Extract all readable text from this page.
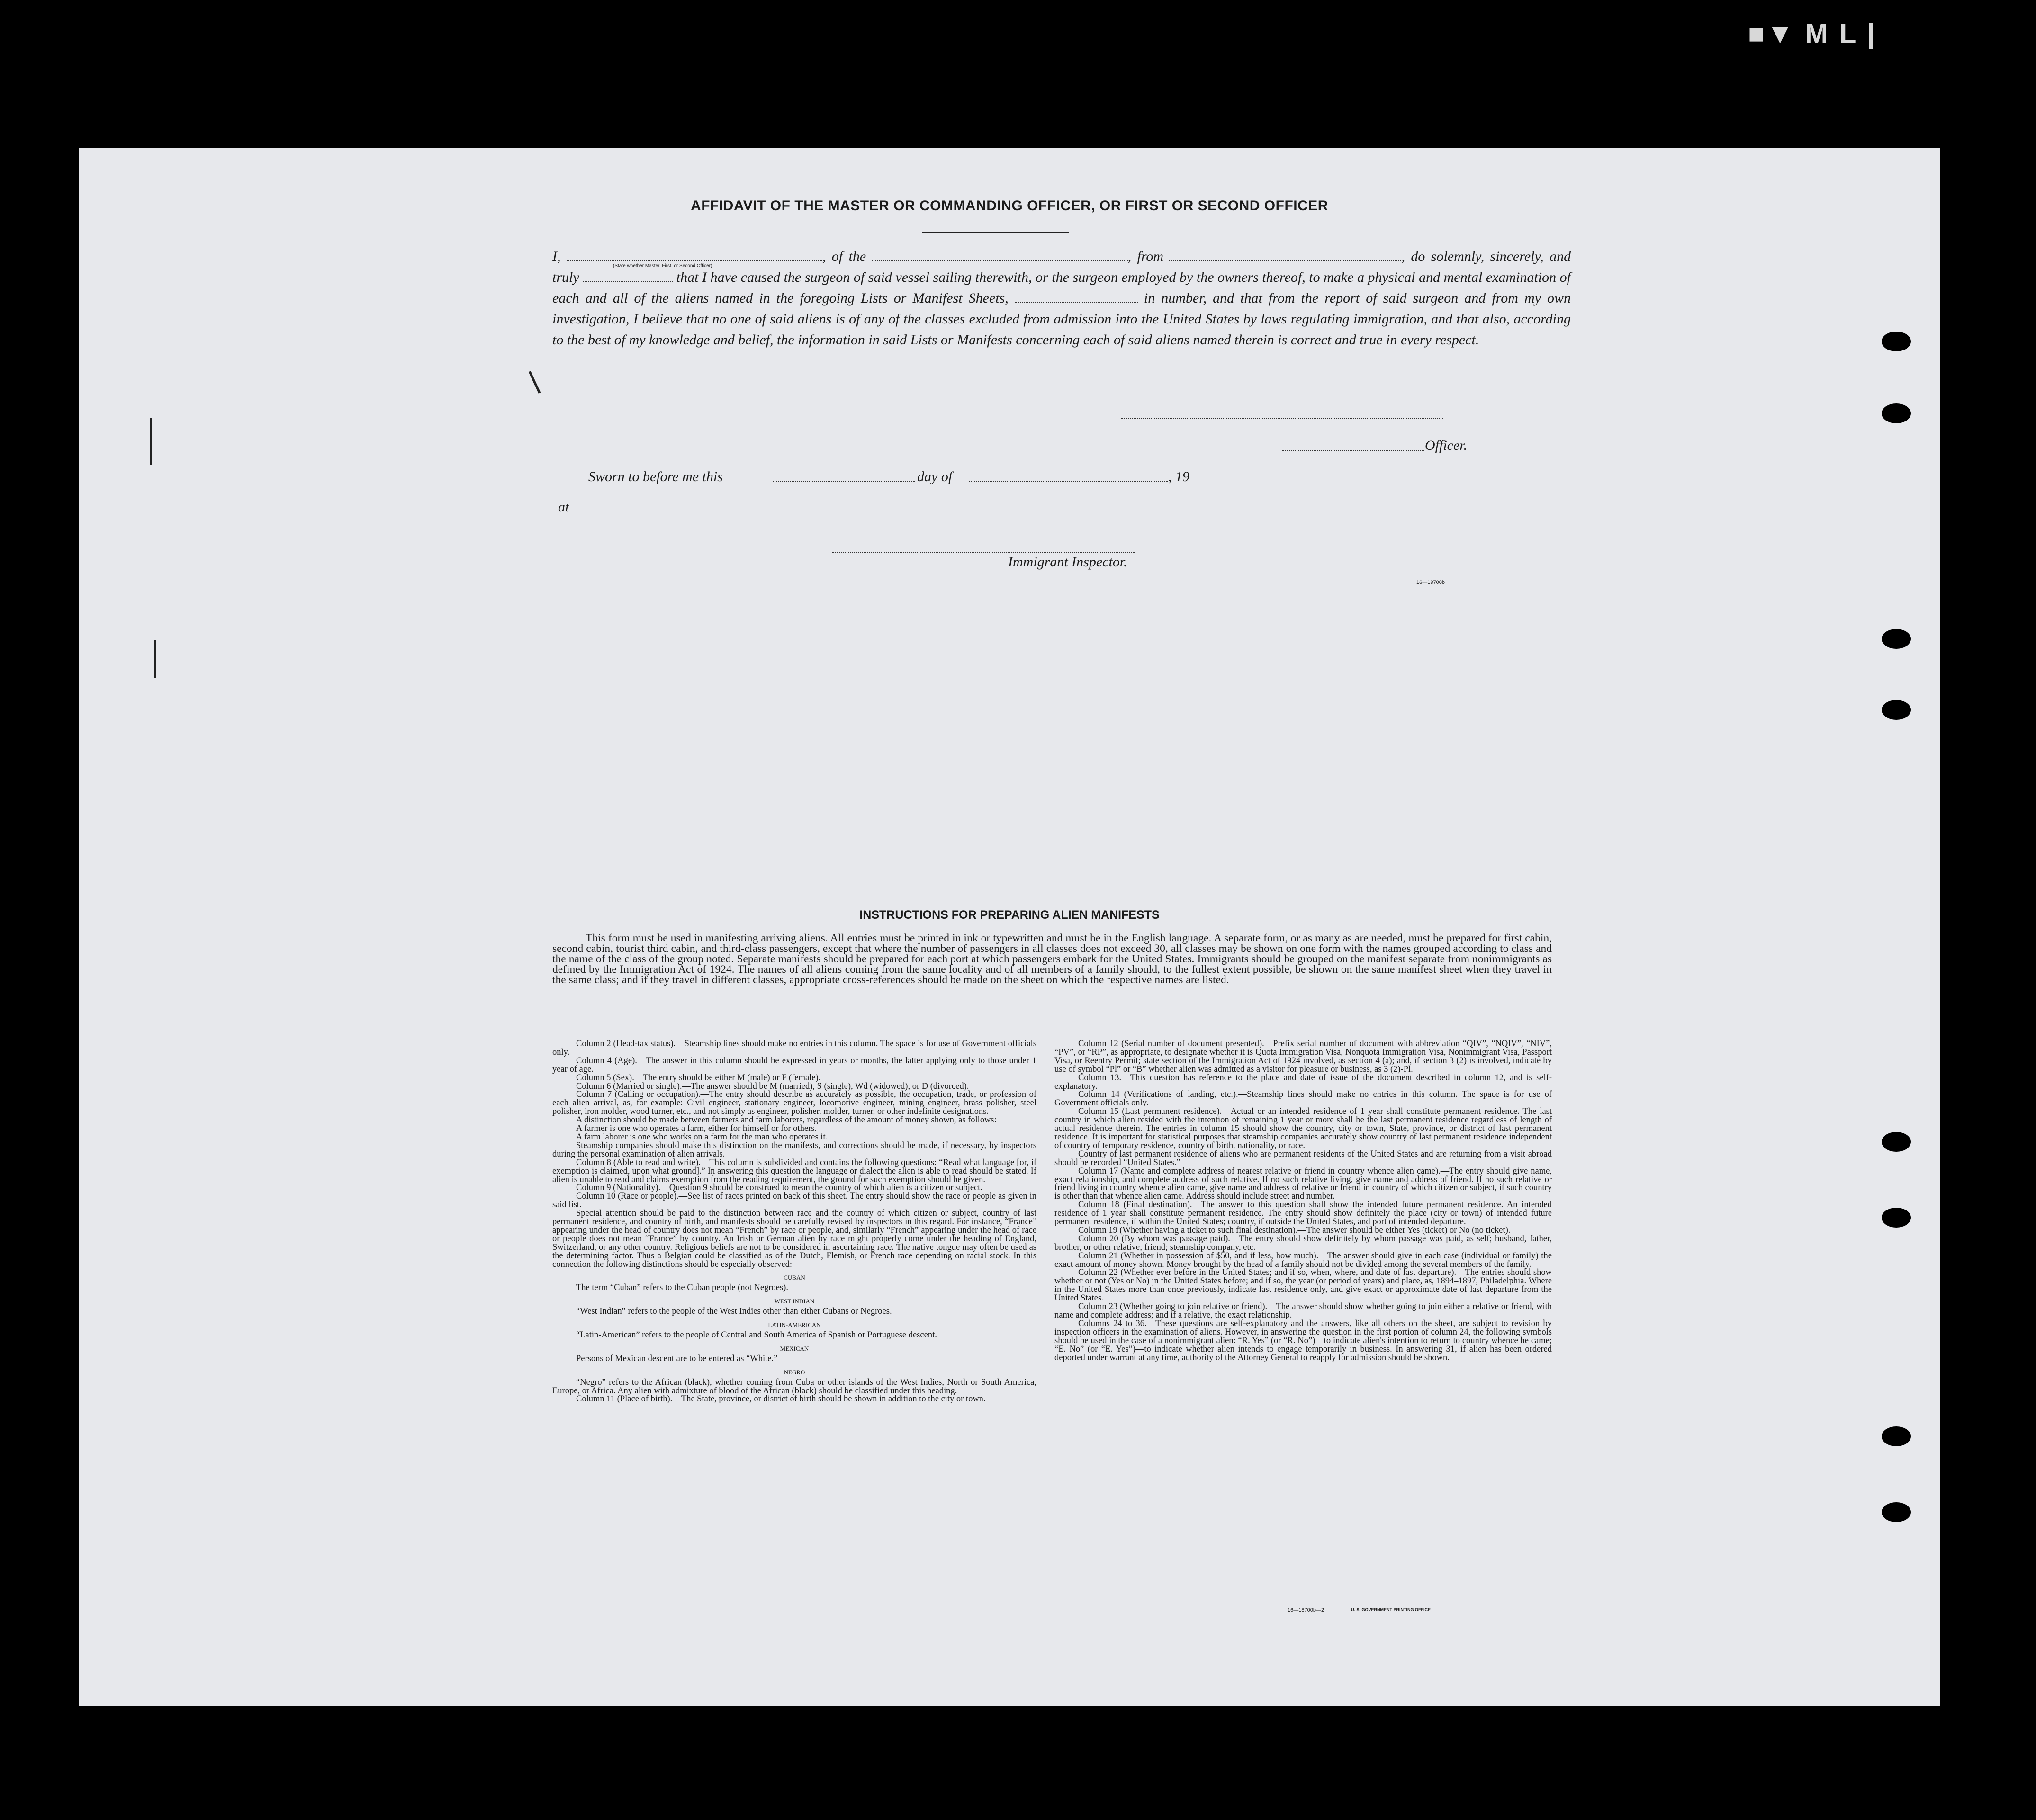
■▼ M L |
AFFIDAVIT OF THE MASTER OR COMMANDING OFFICER, OR FIRST OR SECOND OFFICER
I,	, of the	, from	, do solemnly, sincerely, and truly	that I have caused the surgeon of said vessel sailing therewith, or the surgeon employed by the owners thereof, to make a physical and mental examination of each and all of the aliens named in the foregoing Lists or Manifest Sheets,	in number, and that from the report of said surgeon and from my own investigation, I believe that no one of said aliens is of any of the classes excluded from admission into the United States by laws regulating immigration, and that also, according to the best of my knowledge and belief, the information in said Lists or Manifests concerning each of said aliens named therein is correct and true in every respect.
(State whether Master, First, or Second Officer)
Officer.
Sworn to before me this	day of	, 19
at
Immigrant Inspector.
16—18700b
INSTRUCTIONS FOR PREPARING ALIEN MANIFESTS
This form must be used in manifesting arriving aliens. All entries must be printed in ink or typewritten and must be in the English language. A separate form, or as many as are needed, must be prepared for first cabin, second cabin, tourist third cabin, and third-class passengers, except that where the number of passengers in all classes does not exceed 30, all classes may be shown on one form with the names grouped according to class and the name of the class of the group noted. Separate manifests should be prepared for each port at which passengers embark for the United States. Immigrants should be grouped on the manifest separate from nonimmigrants as defined by the Immigration Act of 1924. The names of all aliens coming from the same locality and of all members of a family should, to the fullest extent possible, be shown on the same manifest sheet when they travel in the same class; and if they travel in different classes, appropriate cross-references should be made on the sheet on which the respective names are listed.

Column 2 (Head-tax status).—Steamship lines should make no entries in this column. The space is for use of Government officials only.

Column 4 (Age).—The answer in this column should be expressed in years or months, the latter applying only to those under 1 year of age.

Column 5 (Sex).—The entry should be either M (male) or F (female).

Column 6 (Married or single).—The answer should be M (married), S (single), Wd (widowed), or D (divorced).

Column 7 (Calling or occupation).—The entry should describe as accurately as possible, the occupation, trade, or profession of each alien arrival, as, for example: Civil engineer, stationary engineer, locomotive engineer, mining engineer, brass polisher, steel polisher, iron molder, wood turner, etc., and not simply as engineer, polisher, molder, turner, or other indefinite designations.

A distinction should be made between farmers and farm laborers, regardless of the amount of money shown, as follows:

A farmer is one who operates a farm, either for himself or for others.

A farm laborer is one who works on a farm for the man who operates it.

Steamship companies should make this distinction on the manifests, and corrections should be made, if necessary, by inspectors during the personal examination of alien arrivals.

Column 8 (Able to read and write).—This column is subdivided and contains the following questions: “Read what language [or, if exemption is claimed, upon what ground].” In answering this question the language or dialect the alien is able to read should be stated. If alien is unable to read and claims exemption from the reading requirement, the ground for such exemption should be given.

Column 9 (Nationality).—Question 9 should be construed to mean the country of which alien is a citizen or subject.

Column 10 (Race or people).—See list of races printed on back of this sheet. The entry should show the race or people as given in said list.

Special attention should be paid to the distinction between race and the country of which citizen or subject, country of last permanent residence, and country of birth, and manifests should be carefully revised by inspectors in this regard. For instance, “France” appearing under the head of country does not mean “French” by race or people, and, similarly “French” appearing under the head of race or people does not mean “France” by country. An Irish or German alien by race might properly come under the heading of England, Switzerland, or any other country. Religious beliefs are not to be considered in ascertaining race. The native tongue may often be used as the determining factor. Thus a Belgian could be classified as of the Dutch, Flemish, or French race depending on racial stock. In this connection the following distinctions should be especially observed:

CUBAN

The term “Cuban” refers to the Cuban people (not Negroes).

WEST INDIAN

“West Indian” refers to the people of the West Indies other than either Cubans or Negroes.

LATIN-AMERICAN

“Latin-American” refers to the people of Central and South America of Spanish or Portuguese descent.

MEXICAN

Persons of Mexican descent are to be entered as “White.”

NEGRO

“Negro” refers to the African (black), whether coming from Cuba or other islands of the West Indies, North or South America, Europe, or Africa. Any alien with admixture of blood of the African (black) should be classified under this heading.

Column 11 (Place of birth).—The State, province, or district of birth should be shown in addition to the city or town.

Column 12 (Serial number of document presented).—Prefix serial number of document with abbreviation “QIV”, “NQIV”, “NIV”, “PV”, or “RP”, as appropriate, to designate whether it is Quota Immigration Visa, Nonquota Immigration Visa, Nonimmigrant Visa, Passport Visa, or Reentry Permit; state section of the Immigration Act of 1924 involved, as section 4 (a); and, if section 3 (2) is involved, indicate by use of symbol “Pl” or “B” whether alien was admitted as a visitor for pleasure or business, as 3 (2)-Pl.

Column 13.—This question has reference to the place and date of issue of the document described in column 12, and is self-explanatory.

Column 14 (Verifications of landing, etc.).—Steamship lines should make no entries in this column. The space is for use of Government officials only.

Column 15 (Last permanent residence).—Actual or an intended residence of 1 year shall constitute permanent residence. The last country in which alien resided with the intention of remaining 1 year or more shall be the last permanent residence regardless of length of actual residence therein. The entries in column 15 should show the country, city or town, State, province, or district of last permanent residence. It is important for statistical purposes that steamship companies accurately show country of last permanent residence independent of country of temporary residence, country of birth, nationality, or race.

Country of last permanent residence of aliens who are permanent residents of the United States and are returning from a visit abroad should be recorded “United States.”

Column 17 (Name and complete address of nearest relative or friend in country whence alien came).—The entry should give name, exact relationship, and complete address of such relative. If no such relative living, give name and address of friend. If no such relative or friend living in country whence alien came, give name and address of relative or friend in country of which citizen or subject, if such country is other than that whence alien came. Address should include street and number.

Column 18 (Final destination).—The answer to this question shall show the intended future permanent residence. An intended residence of 1 year shall constitute permanent residence. The entry should show definitely the place (city or town) of intended future permanent residence, if within the United States; country, if outside the United States, and port of intended departure.

Column 19 (Whether having a ticket to such final destination).—The answer should be either Yes (ticket) or No (no ticket).

Column 20 (By whom was passage paid).—The entry should show definitely by whom passage was paid, as self; husband, father, brother, or other relative; friend; steamship company, etc.

Column 21 (Whether in possession of $50, and if less, how much).—The answer should give in each case (individual or family) the exact amount of money shown. Money brought by the head of a family should not be divided among the several members of the family.

Column 22 (Whether ever before in the United States; and if so, when, where, and date of last departure).—The entries should show whether or not (Yes or No) in the United States before; and if so, the year (or period of years) and place, as, 1894–1897, Philadelphia. Where in the United States more than once previously, indicate last residence only, and give exact or approximate date of last departure from the United States.

Column 23 (Whether going to join relative or friend).—The answer should show whether going to join either a relative or friend, with name and complete address; and if a relative, the exact relationship.

Columns 24 to 36.—These questions are self-explanatory and the answers, like all others on the sheet, are subject to revision by inspection officers in the examination of aliens. However, in answering the question in the first portion of column 24, the following symbols should be used in the case of a nonimmigrant alien: “R. Yes” (or “R. No”)—to indicate alien's intention to return to country whence he came; “E. No” (or “E. Yes”)—to indicate whether alien intends to engage temporarily in business. In answering 31, if alien has been ordered deported under warrant at any time, authority of the Attorney General to reapply for admission should be shown.

16—18700b—2	U. S. GOVERNMENT PRINTING OFFICE
